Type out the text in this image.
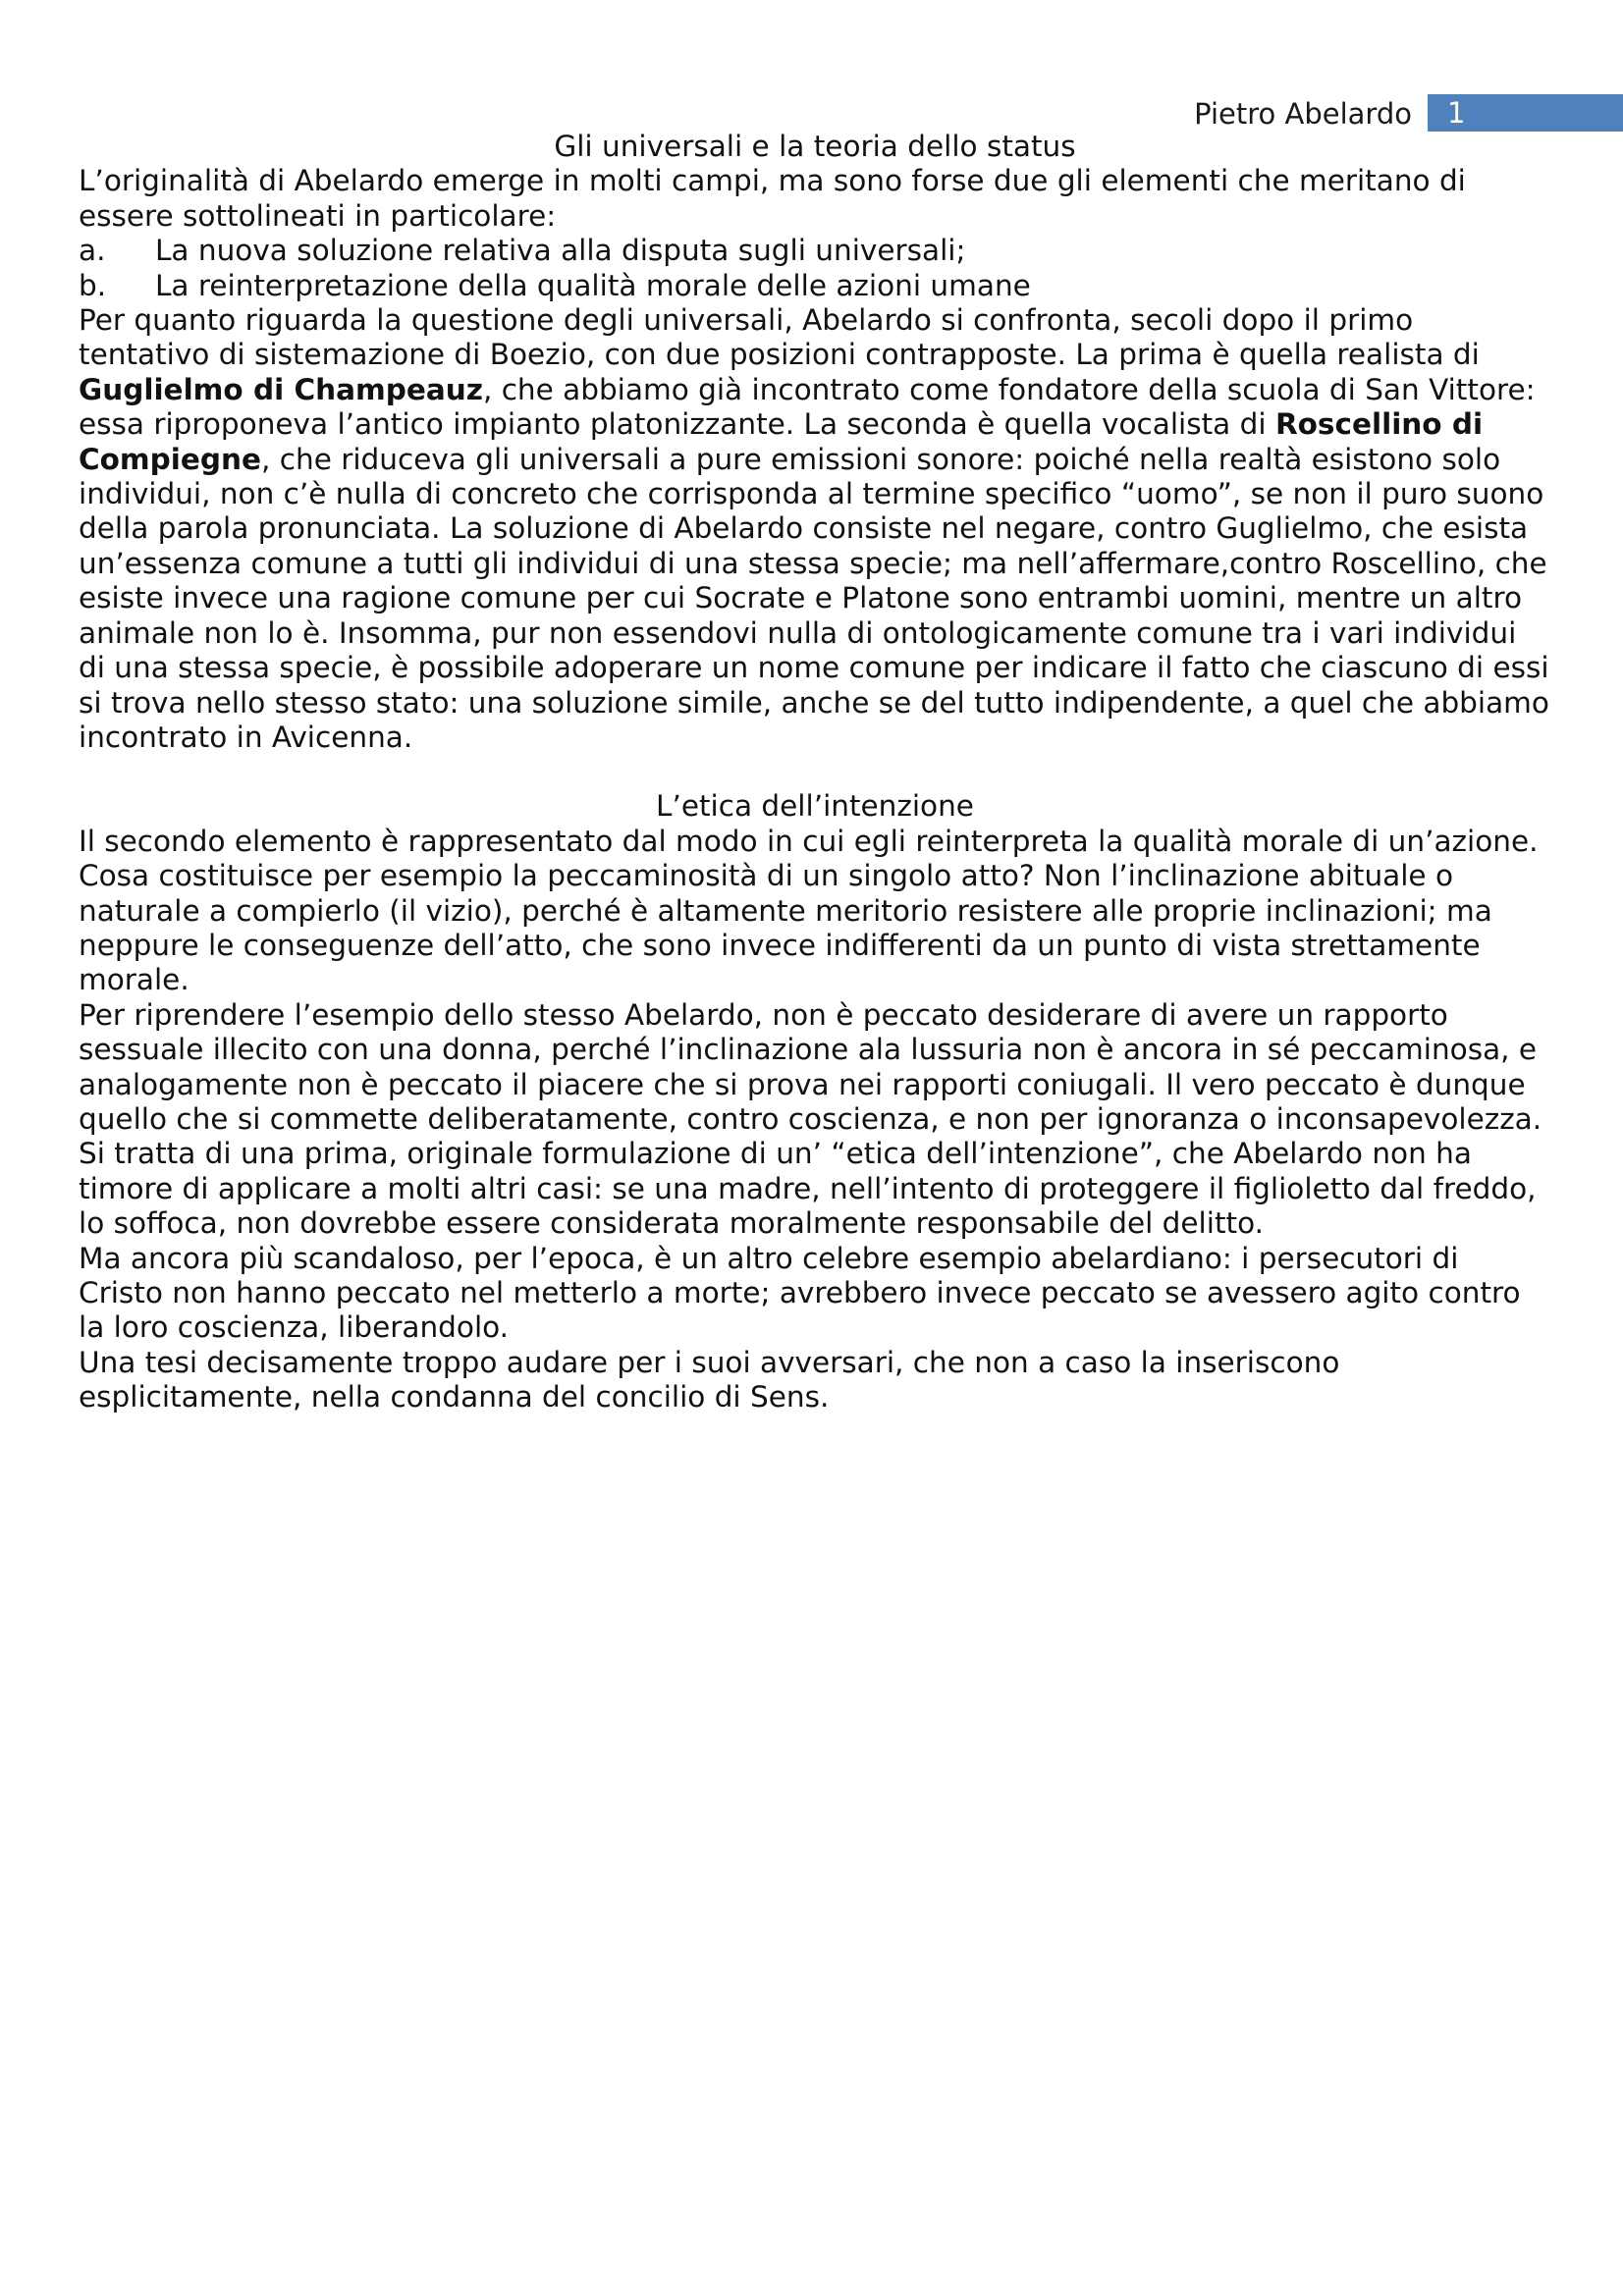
Pietro Abelardo 1

Gli universali e la teoria dello status

L’originalità di Abelardo emerge in molti campi, ma sono forse due gli elementi che meritano di essere sottolineati in particolare:

a.	La nuova soluzione relativa alla disputa sugli universali;
b.	La reinterpretazione della qualità morale delle azioni umane

Per quanto riguarda la questione degli universali, Abelardo si confronta, secoli dopo il primo tentativo di sistemazione di Boezio, con due posizioni contrapposte. La prima è quella realista di Guglielmo di Champeauz, che abbiamo già incontrato come fondatore della scuola di San Vittore: essa riproponeva l’antico impianto platonizzante. La seconda è quella vocalista di Roscellino di Compiegne, che riduceva gli universali a pure emissioni sonore: poiché nella realtà esistono solo individui, non c’è nulla di concreto che corrisponda al termine specifico “uomo”, se non il puro suono della parola pronunciata. La soluzione di Abelardo consiste nel negare, contro Guglielmo, che esista un’essenza comune a tutti gli individui di una stessa specie; ma nell’affermare,contro Roscellino, che esiste invece una ragione comune per cui Socrate e Platone sono entrambi uomini, mentre un altro animale non lo è. Insomma, pur non essendovi nulla di ontologicamente comune tra i vari individui di una stessa specie, è possibile adoperare un nome comune per indicare il fatto che ciascuno di essi si trova nello stesso stato: una soluzione simile, anche se del tutto indipendente, a quel che abbiamo incontrato in Avicenna.

L’etica dell’intenzione

Il secondo elemento è rappresentato dal modo in cui egli reinterpreta la qualità morale di un’azione. Cosa costituisce per esempio la peccaminosità di un singolo atto? Non l’inclinazione abituale o naturale a compierlo (il vizio), perché è altamente meritorio resistere alle proprie inclinazioni; ma neppure le conseguenze dell’atto, che sono invece indifferenti da un punto di vista strettamente morale.

Per riprendere l’esempio dello stesso Abelardo, non è peccato desiderare di avere un rapporto sessuale illecito con una donna, perché l’inclinazione ala lussuria non è ancora in sé peccaminosa, e analogamente non è peccato il piacere che si prova nei rapporti coniugali. Il vero peccato è dunque quello che si commette deliberatamente, contro coscienza, e non per ignoranza o inconsapevolezza.

Si tratta di una prima, originale formulazione di un’ “etica dell’intenzione”, che Abelardo non ha timore di applicare a molti altri casi: se una madre, nell’intento di proteggere il figlioletto dal freddo, lo soffoca, non dovrebbe essere considerata moralmente responsabile del delitto.

Ma ancora più scandaloso, per l’epoca, è un altro celebre esempio abelardiano: i persecutori di Cristo non hanno peccato nel metterlo a morte; avrebbero invece peccato se avessero agito contro la loro coscienza, liberandolo.

Una tesi decisamente troppo audare per i suoi avversari, che non a caso la inseriscono esplicitamente, nella condanna del concilio di Sens.
